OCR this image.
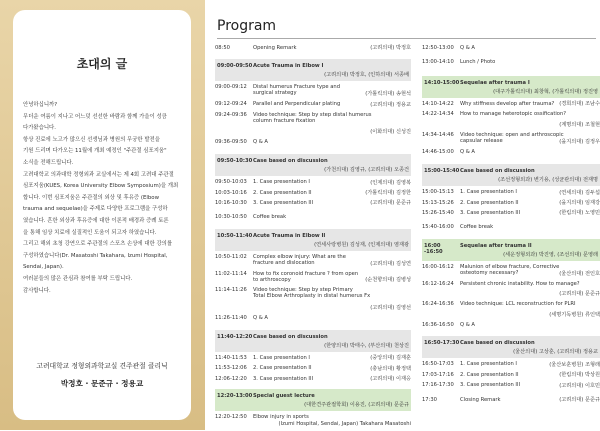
초대의 글

안녕하십니까?

무더운 여름이 지나고 어느덧 선선한 바람과 함께 가을이 성큼

다가왔습니다.

항상 진료에 노고가 많으신 선생님과 병원의 무궁한 발전을

기원 드리며 다가오는 11월에 개최 예정인 "주관절 심포지움"

소식을 전해드립니다.

고려대학교 의과대학 정형외과 교실에서는 제 4회 고려대 주관절

심포지움(KUES, Korea University Elbow Symposium)을 개최

합니다. 이번 심포지움은 주관절의 외상 및 후유증 (Elbow

trauma and sequelae)을 주제로 다양한 프로그램을 구성하

였습니다. 흔한 외상과 후유증에 대한 이론적 배경과 증례 토론

을 통해 임상 치료에 실질적인 도움이 되고자 하였습니다.

그리고 해외 초청 강연으로 주관절의 스포츠 손상에 대한 강의를

구성하였습니다(Dr. Masatoshi Takahara, Izumi Hospital,

Sendai, Japan).

여러분들의 많은 관심과 참여를 부탁 드립니다.

감사합니다.

고려대학교 정형외과학교실 견주관절 클리닉
박정호 · 문준규 · 정용교
Program
08:50	Opening Remark	(고려의대) 박정호
09:00-09:50 Acute Trauma in Elbow I
(고려의대) 박정호, (인하의대) 서종배
09:00-09:12	Distal humerus Fracture type and
surgical strategy	(가톨릭의대) 송현석
09:12-09:24	Parallel and Perpendicular plating	(고려의대) 정용교
09:24-09:36	Video technique: Step by step distal humerus
column fracture fixation
(이화의대) 신성진
09:36-09:50	Q & A
09:50-10:30 Case based on discussion
(가천의대) 김영규, (고려의대) 오종건
09:50-10:03	1. Case presentation I	(인제의대) 김영복
10:03-10:16	2. Case presentation II	(가톨릭의대) 김정한
10:16-10:30	3. Case presentation III	(고려의대) 문준규
10:30-10:50	Coffee break
10:50-11:40 Acute Trauma in Elbow II
(연세사랑병원) 김성재, (인제의대) 염재광
10:50-11:02	Complex elbow injury: What are the
fracture and dislocation	(고려의대) 김성연
11:02-11:14	How to fix coronoid fracture ? from open
to arthroscopy	(순천향의대) 김병성
11:14-11:26	Video technique: Step by step Primary
Total Elbow Arthroplasty in distal humerus Fx
(고려의대) 김영선
11:26-11:40	Q & A
11:40-12:20 Case based on discussion
(한양의대) 박태수, (부산의대) 천상진
11:40-11:53	1. Case presentation I	(중앙의대) 김재훈
11:53-12:06	2. Case presentation II	(충남의대) 황정택
12:06-12:20	3. Case presentation III	(고려의대) 이재응
12:20-13:00 Special guest lecture
(대한견주관절학회) 이용진, (고려의대) 문준규
12:20-12:50	Elbow injury in sports
(Izumi Hospital, Sendai, Japan) Takahara Masatoshi
12:50-13:00	Q & A
13:00-14:10	Lunch / Photo
14:10-15:00 Sequelae after trauma I
(대구가톨릭의대) 최창혁, (가톨릭의대) 정진영
14:10-14:22	Why stiffness develop after trauma? (경희의대) 조남수
14:22-14:34	How to manage heterotopic ossification?
(계명의대) 조철현
14:34-14:46	Video technique: open and arthroscopic
capsular release	(을지의대) 김정우
14:46-15:00	Q & A
15:00-15:40 Case based on discussion
(조선정형외과) 변기용, (성균관의대) 전재명
15:00-15:13	1. Case presentation I	(연세의대) 김두섭
15:13-15:26	2. Case presentation II	(을지의대) 임재강
15:26-15:40	3. Case presentation III	(한림의대) 노영민
15:40-16:00	Coffee break
16:00 -16:50
Sequelae after trauma II
(세운정형외과) 박진영, (조선의대) 문영래
16:00-16:12	Malunion of elbow fracture, Corrective
osteotomy necessary?	(울산의대) 전인호
16:12-16:24	Persistent chronic instability. How to manage?
(고려의대) 문준규
16:24-16:36	Video technique: LCL reconstruction for PLRI
(세명기독병원) 류인택
16:36-16:50	Q & A
16:50-17:30 Case based on discussion
(울산의대) 고상훈, (고려의대) 정용교
16:50-17:03	1. Case presentation I	(울산보훈병원) 조형래
17:03-17:16	2. Case presentation II	(한림의대) 박상원
17:16-17:30	3. Case presentation III	(고려의대) 이호민
17:30	Closing Remark	(고려의대) 문준규
